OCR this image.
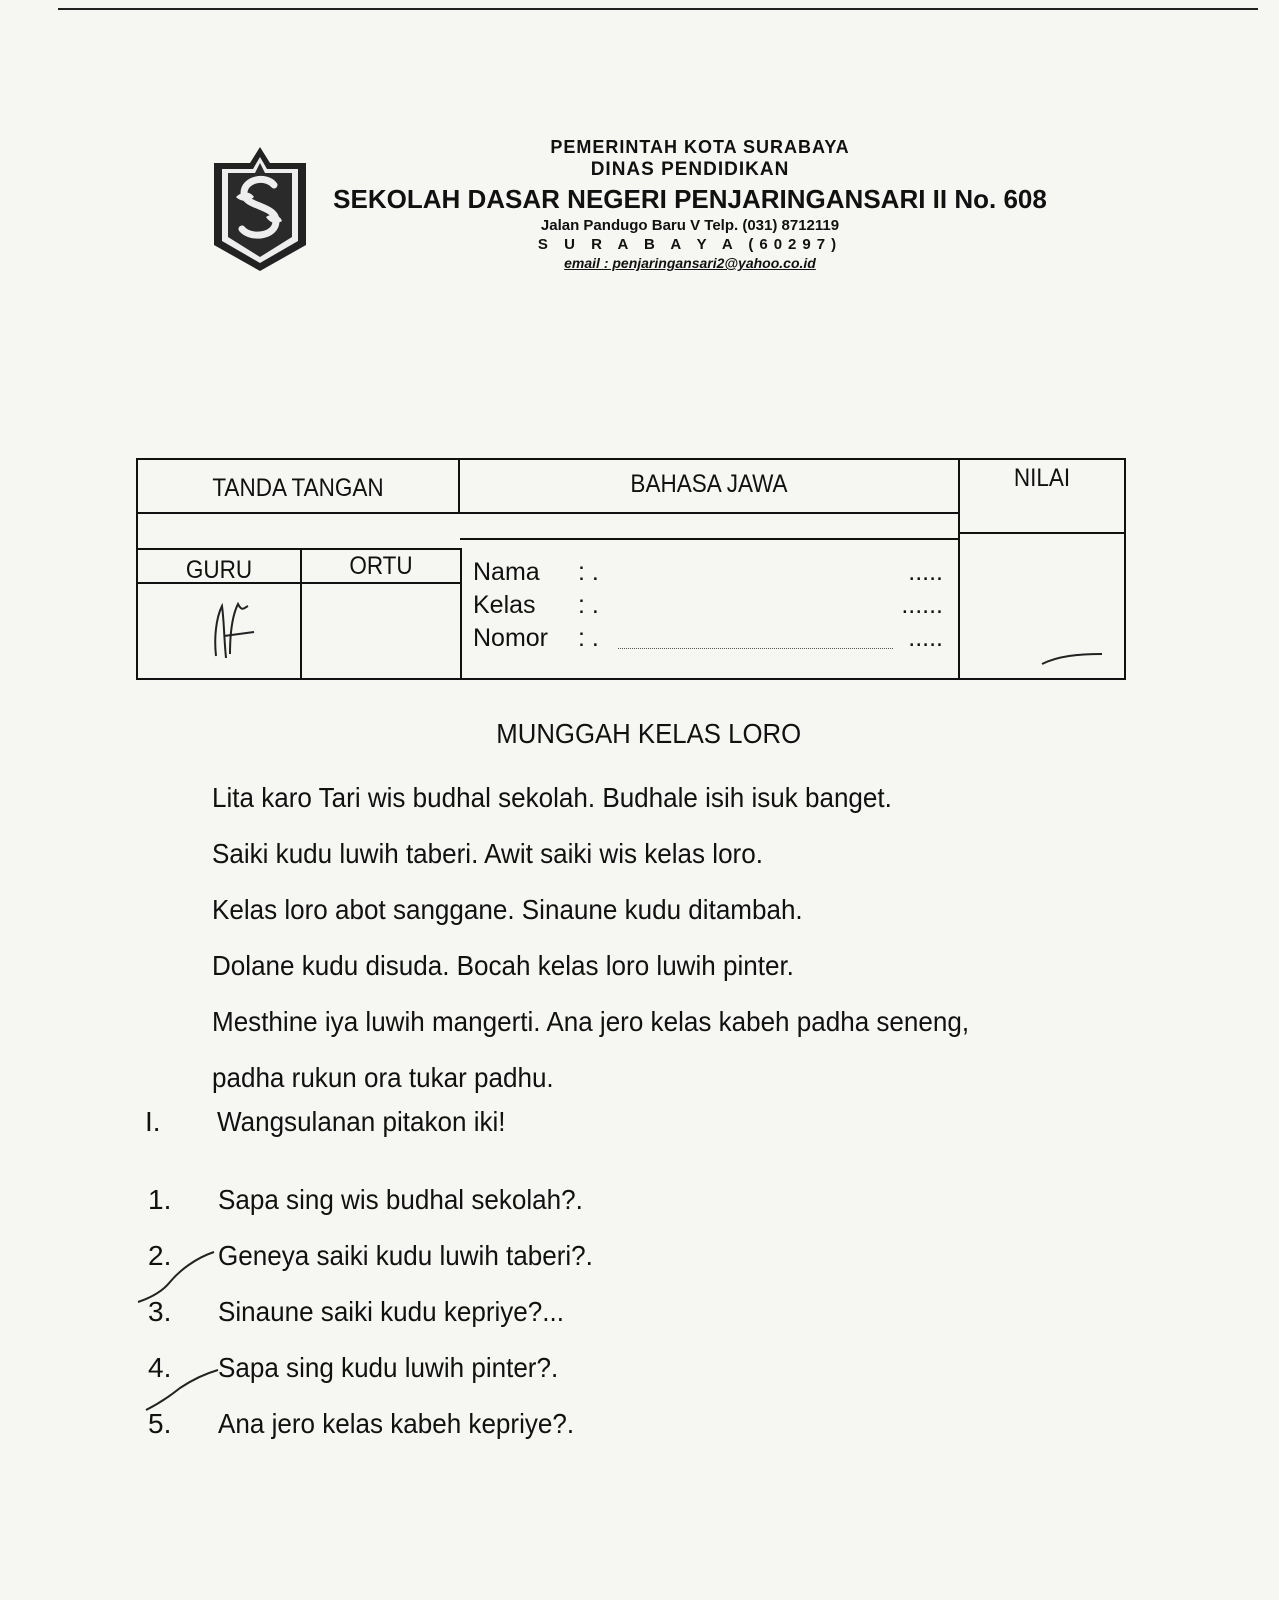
PEMERINTAH KOTA SURABAYA
DINAS PENDIDIKAN
SEKOLAH DASAR NEGERI PENJARINGANSARI II No. 608
Jalan Pandugo Baru V Telp. (031) 8712119
S U R A B A Y A (60297)
email : penjaringansari2@yahoo.co.id
TANDA TANGAN	BAHASA JAWA	NILAI
GURU	ORTU	Nama	: .	.....
Kelas	: .	......
Nomor	: .	.....
MUNGGAH KELAS LORO
Lita karo Tari wis budhal sekolah. Budhale isih isuk banget.
Saiki kudu luwih taberi. Awit saiki wis kelas loro.
Kelas loro abot sanggane. Sinaune kudu ditambah.
Dolane kudu disuda. Bocah kelas loro luwih pinter.
Mesthine iya luwih mangerti. Ana jero kelas kabeh padha seneng,
padha rukun ora tukar padhu.
I. Wangsulanan pitakon iki!
1.	Sapa sing wis budhal sekolah?.
2.	Geneya saiki kudu luwih taberi?.
3.	Sinaune saiki kudu kepriye?...
4.	Sapa sing kudu luwih pinter?.
5.	Ana jero kelas kabeh kepriye?.
